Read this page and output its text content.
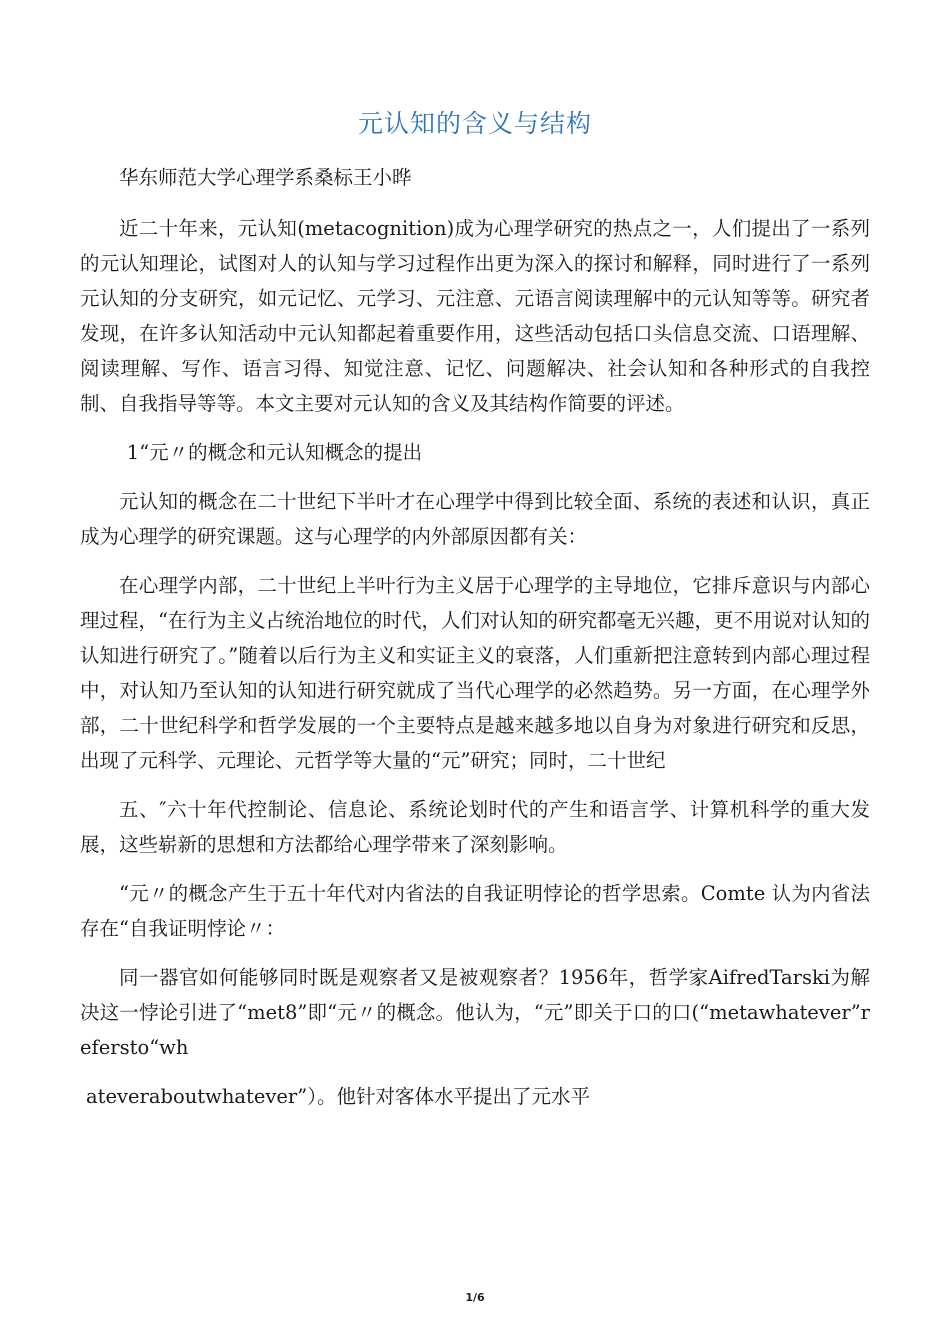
元认知的含义与结构

华东师范大学心理学系桑标王小晔

近二十年来，元认知(metacognition)成为心理学研究的热点之一，人们提出了一系列的元认知理论，试图对人的认知与学习过程作出更为深入的探讨和解释，同时进行了一系列元认知的分支研究，如元记忆、元学习、元注意、元语言阅读理解中的元认知等等。研究者发现，在许多认知活动中元认知都起着重要作用，这些活动包括口头信息交流、口语理解、阅读理解、写作、语言习得、知觉注意、记忆、问题解决、社会认知和各种形式的自我控制、自我指导等等。本文主要对元认知的含义及其结构作简要的评述。

1“元〃的概念和元认知概念的提出

元认知的概念在二十世纪下半叶才在心理学中得到比较全面、系统的表述和认识，真正成为心理学的研究课题。这与心理学的内外部原因都有关：

在心理学内部，二十世纪上半叶行为主义居于心理学的主导地位，它排斥意识与内部心理过程，“在行为主义占统治地位的时代，人们对认知的研究都毫无兴趣，更不用说对认知的认知进行研究了。”随着以后行为主义和实证主义的衰落，人们重新把注意转到内部心理过程中，对认知乃至认知的认知进行研究就成了当代心理学的必然趋势。另一方面，在心理学外部，二十世纪科学和哲学发展的一个主要特点是越来越多地以自身为对象进行研究和反思，出现了元科学、元理论、元哲学等大量的“元”研究；同时，二十世纪

五、″六十年代控制论、信息论、系统论划时代的产生和语言学、计算机科学的重大发展，这些崭新的思想和方法都给心理学带来了深刻影响。

“元〃的概念产生于五十年代对内省法的自我证明悖论的哲学思索。Comte 认为内省法存在“自我证明悖论〃：

同一器官如何能够同时既是观察者又是被观察者？1956年，哲学家AifredTarski为解决这一悖论引进了“met8”即“元〃的概念。他认为，“元”即关于口的口(“metawhatever”refersto“wh

ateveraboutwhatever”）。他针对客体水平提出了元水平

1/6
